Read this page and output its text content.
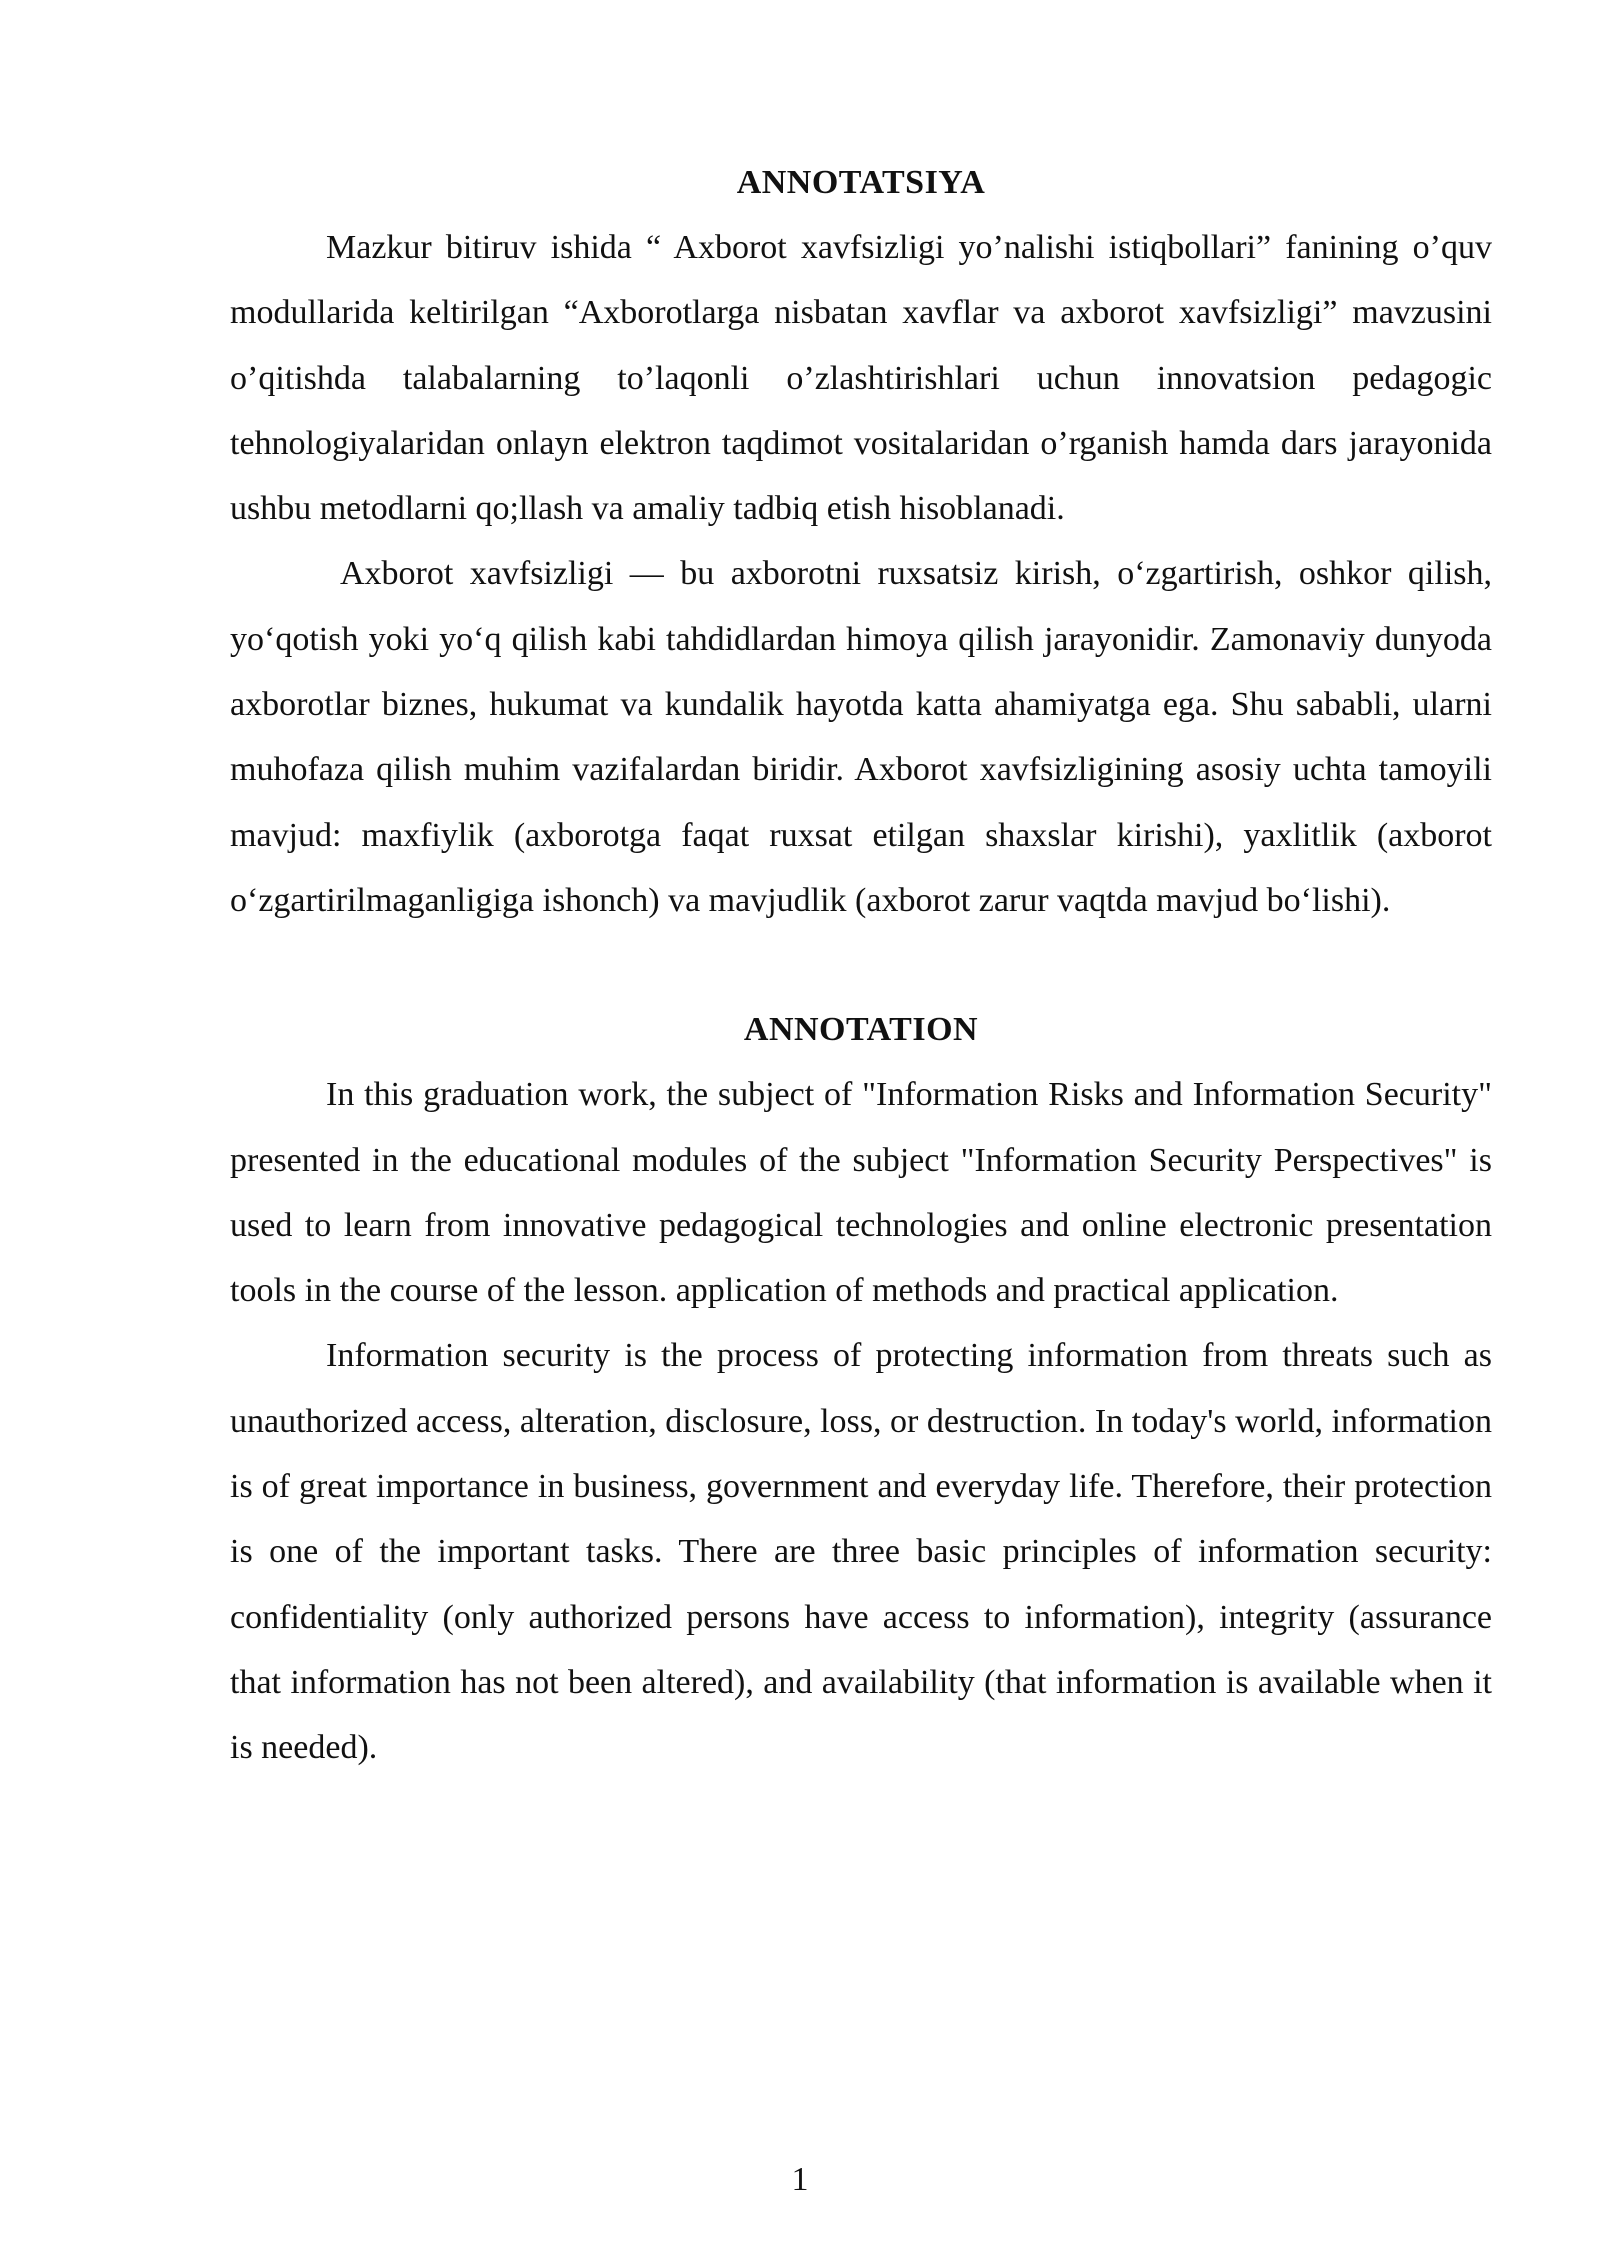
ANNOTATSIYA

Mazkur bitiruv ishida “ Axborot xavfsizligi yo’nalishi istiqbollari” fanining o’quv modullarida keltirilgan “Axborotlarga nisbatan xavflar va axborot xavfsizligi” mavzusini o’qitishda talabalarning to’laqonli o’zlashtirishlari uchun innovatsion pedagogic tehnologiyalaridan onlayn elektron taqdimot vositalaridan o’rganish hamda dars jarayonida ushbu metodlarni qo;llash va amaliy tadbiq etish hisoblanadi.

Axborot xavfsizligi — bu axborotni ruxsatsiz kirish, oʻzgartirish, oshkor qilish, yoʻqotish yoki yoʻq qilish kabi tahdidlardan himoya qilish jarayonidir. Zamonaviy dunyoda axborotlar biznes, hukumat va kundalik hayotda katta ahamiyatga ega. Shu sababli, ularni muhofaza qilish muhim vazifalardan biridir. Axborot xavfsizligining asosiy uchta tamoyili mavjud: maxfiylik (axborotga faqat ruxsat etilgan shaxslar kirishi), yaxlitlik (axborot oʻzgartirilmaganligiga ishonch) va mavjudlik (axborot zarur vaqtda mavjud boʻlishi).

ANNOTATION

In this graduation work, the subject of "Information Risks and Information Security" presented in the educational modules of the subject "Information Security Perspectives" is used to learn from innovative pedagogical technologies and online electronic presentation tools in the course of the lesson. application of methods and practical application.

Information security is the process of protecting information from threats such as unauthorized access, alteration, disclosure, loss, or destruction. In today's world, information is of great importance in business, government and everyday life. Therefore, their protection is one of the important tasks. There are three basic principles of information security: confidentiality (only authorized persons have access to information), integrity (assurance that information has not been altered), and availability (that information is available when it is needed).

1
